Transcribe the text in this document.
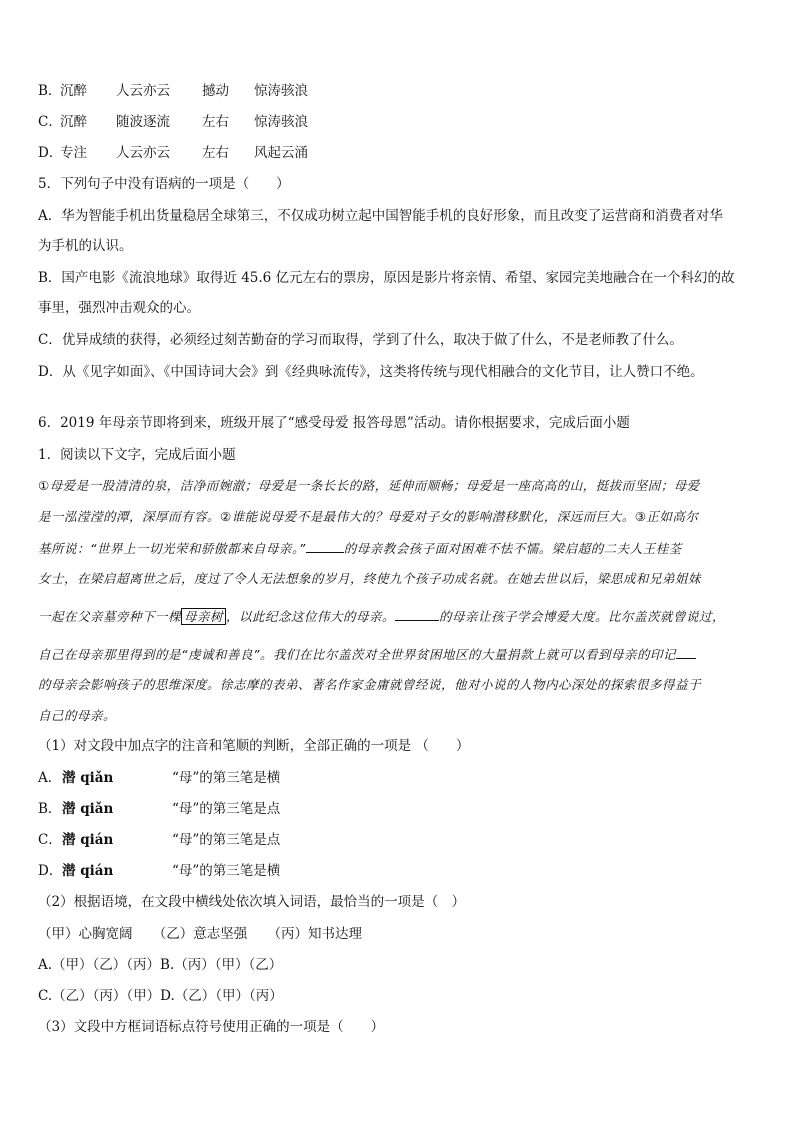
B．沉醉 人云亦云 撼动 惊涛骇浪
C．沉醉 随波逐流 左右 惊涛骇浪
D．专注 人云亦云 左右 风起云涌
5．下列句子中没有语病的一项是（　　）
A．华为智能手机出货量稳居全球第三，不仅成功树立起中国智能手机的良好形象，而且改变了运营商和消费者对华
为手机的认识。
B．国产电影《流浪地球》取得近 45.6 亿元左右的票房，原因是影片将亲情、希望、家园完美地融合在一个科幻的故
事里，强烈冲击观众的心。
C．优异成绩的获得，必须经过刻苦勤奋的学习而取得，学到了什么，取决于做了什么，不是老师教了什么。
D．从《见字如面》、《中国诗词大会》到《经典咏流传》，这类将传统与现代相融合的文化节目，让人赞口不绝。
6．2019 年母亲节即将到来，班级开展了“感受母爱 报答母恩”活动。请你根据要求，完成后面小题
1．阅读以下文字，完成后面小题
①母爱是一股清清的泉，洁净而婉澈；母爱是一条长长的路，延伸而顺畅；母爱是一座高高的山，挺拔而坚固；母爱
是一泓滢滢的潭，深厚而有容。②谁能说母爱不是最伟大的？母爱对子女的影响潜移默化，深远而巨大。③正如高尔
基所说：“世界上一切光荣和骄傲都来自母亲。”	的母亲教会孩子面对困难不怯不懦。梁启超的二夫人王桂荃
女士，在梁启超离世之后，度过了令人无法想象的岁月，终使九个孩子功成名就。在她去世以后，梁思成和兄弟姐妹
一起在父亲墓旁种下一棵 母亲树 ，以此纪念这位伟大的母亲。	的母亲让孩子学会博爱大度。比尔盖茨就曾说过，
自己在母亲那里得到的是“虔诚和善良”。我们在比尔盖茨对全世界贫困地区的大量捐款上就可以看到母亲的印记
的母亲会影响孩子的思维深度。徐志摩的表弟、著名作家金庸就曾经说，他对小说的人物内心深处的探索很多得益于
自己的母亲。
（1）对文段中加点字的注音和笔顺的判断，全部正确的一项是 （　　）
A．潜 qiǎn	“母”的第三笔是横
B．潜 qiǎn	“母”的第三笔是点
C．潜 qián	“母”的第三笔是点
D．潜 qián	“母”的第三笔是横
（2）根据语境，在文段中横线处依次填入词语，最恰当的一项是（　）
（甲）心胸宽阔　　（乙）意志坚强　　（丙）知书达理
A.（甲）（乙）（丙）B.（丙）（甲）（乙）
C.（乙）（丙）（甲）D.（乙）（甲）（丙）
（3）文段中方框词语标点符号使用正确的一项是（　　）
